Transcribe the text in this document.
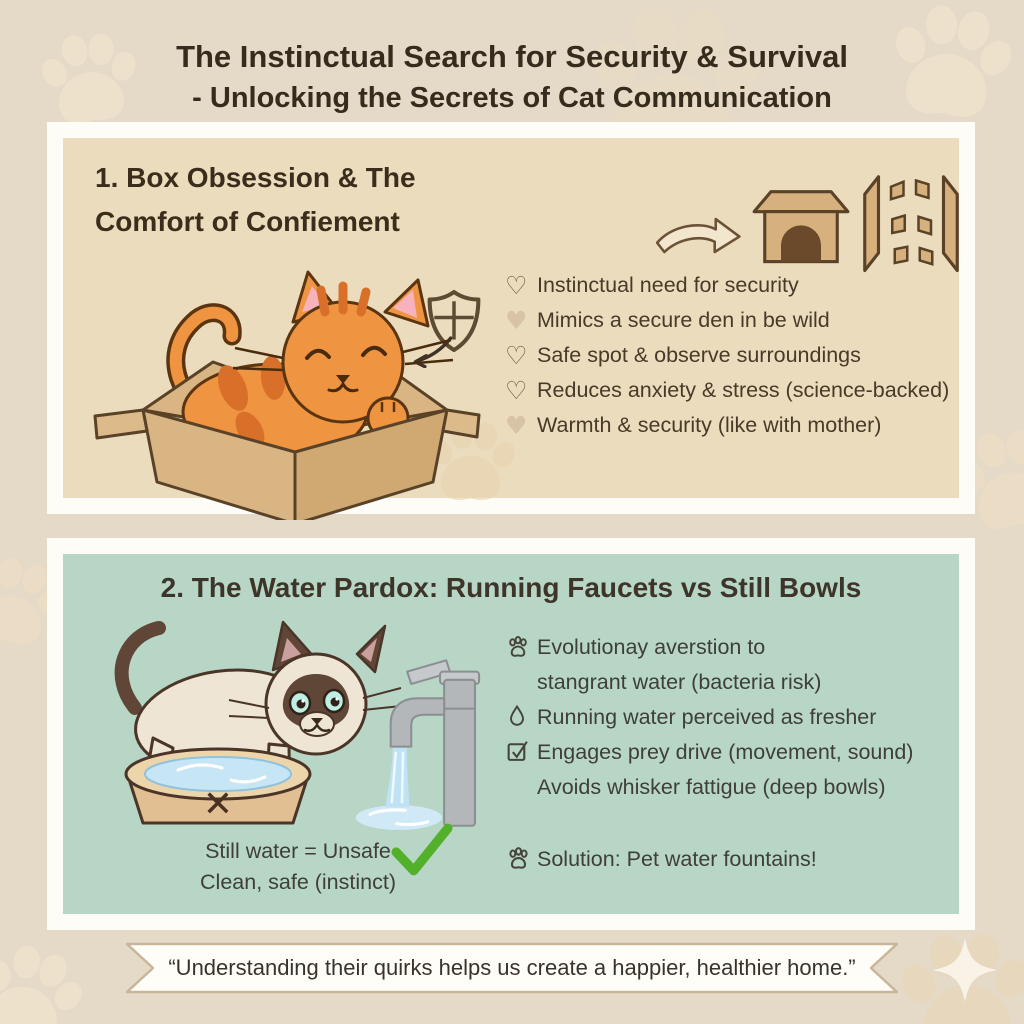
The Instinctual Search for Security & Survival
- Unlocking the Secrets of Cat Communication
1. Box Obsession & The
Comfort of Confiement
♡ Instinctual need for security
♥ Mimics a secure den in be wild
♡ Safe spot & observe surroundings
♡ Reduces anxiety & stress (science-backed)
♥ Warmth & security (like with mother)
2. The Water Pardox: Running Faucets vs Still Bowls
✕
Still water = Unsafe
Clean, safe (instinct)
Evolutionay averstion to
stangrant water (bacteria risk)
Running water perceived as fresher
Engages prey drive (movement, sound)
Avoids whisker fattigue (deep bowls)
Solution: Pet water fountains!
“Understanding their quirks helps us create a happier, healthier home.”
